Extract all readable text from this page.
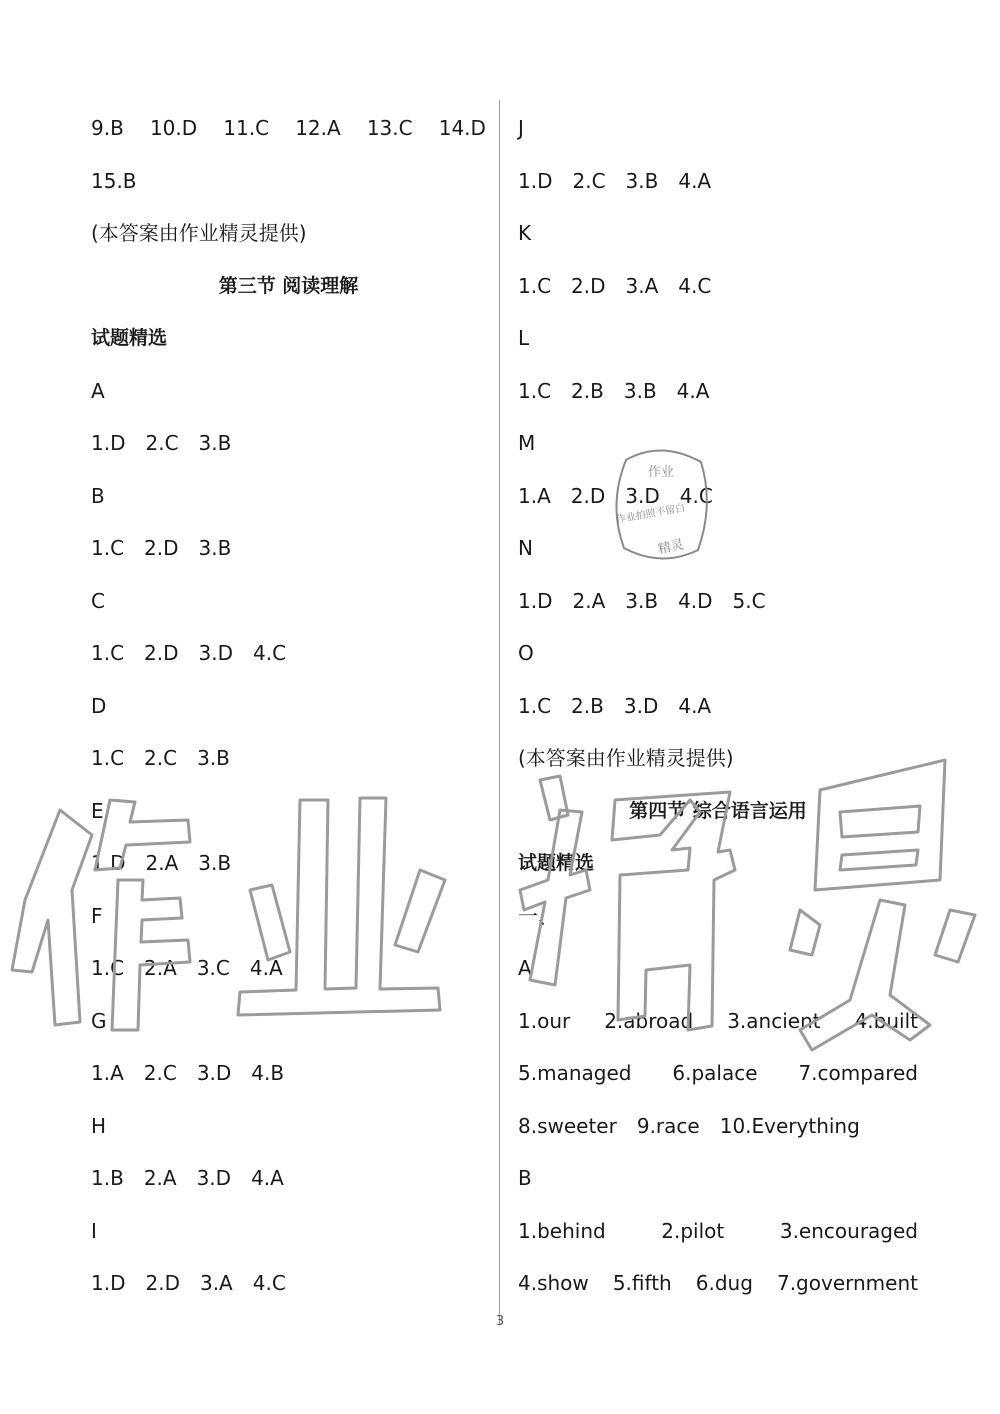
9.B 10.D 11.C 12.A 13.C 14.D
15.B
(本答案由作业精灵提供)
第三节 阅读理解
试题精选
A
1.D 2.C 3.B
B
1.C 2.D 3.B
C
1.C 2.D 3.D 4.C
D
1.C 2.C 3.B
E
1.D 2.A 3.B
F
1.C 2.A 3.C 4.A
G
1.A 2.C 3.D 4.B
H
1.B 2.A 3.D 4.A
I
1.D 2.D 3.A 4.C
J
1.D 2.C 3.B 4.A
K
1.C 2.D 3.A 4.C
L
1.C 2.B 3.B 4.A
M
1.A 2.D 3.D 4.C
N
1.D 2.A 3.B 4.D 5.C
O
1.C 2.B 3.D 4.A
(本答案由作业精灵提供)
第四节 综合语言运用
试题精选
一、
A
1.our 2.abroad 3.ancient 4.built
5.managed 6.palace 7.compared
8.sweeter 9.race 10.Everything
B
1.behind	2.pilot	3.encouraged
4.show 5.fifth 6.dug 7.government
3
作业
作业拍照不留白
精灵
